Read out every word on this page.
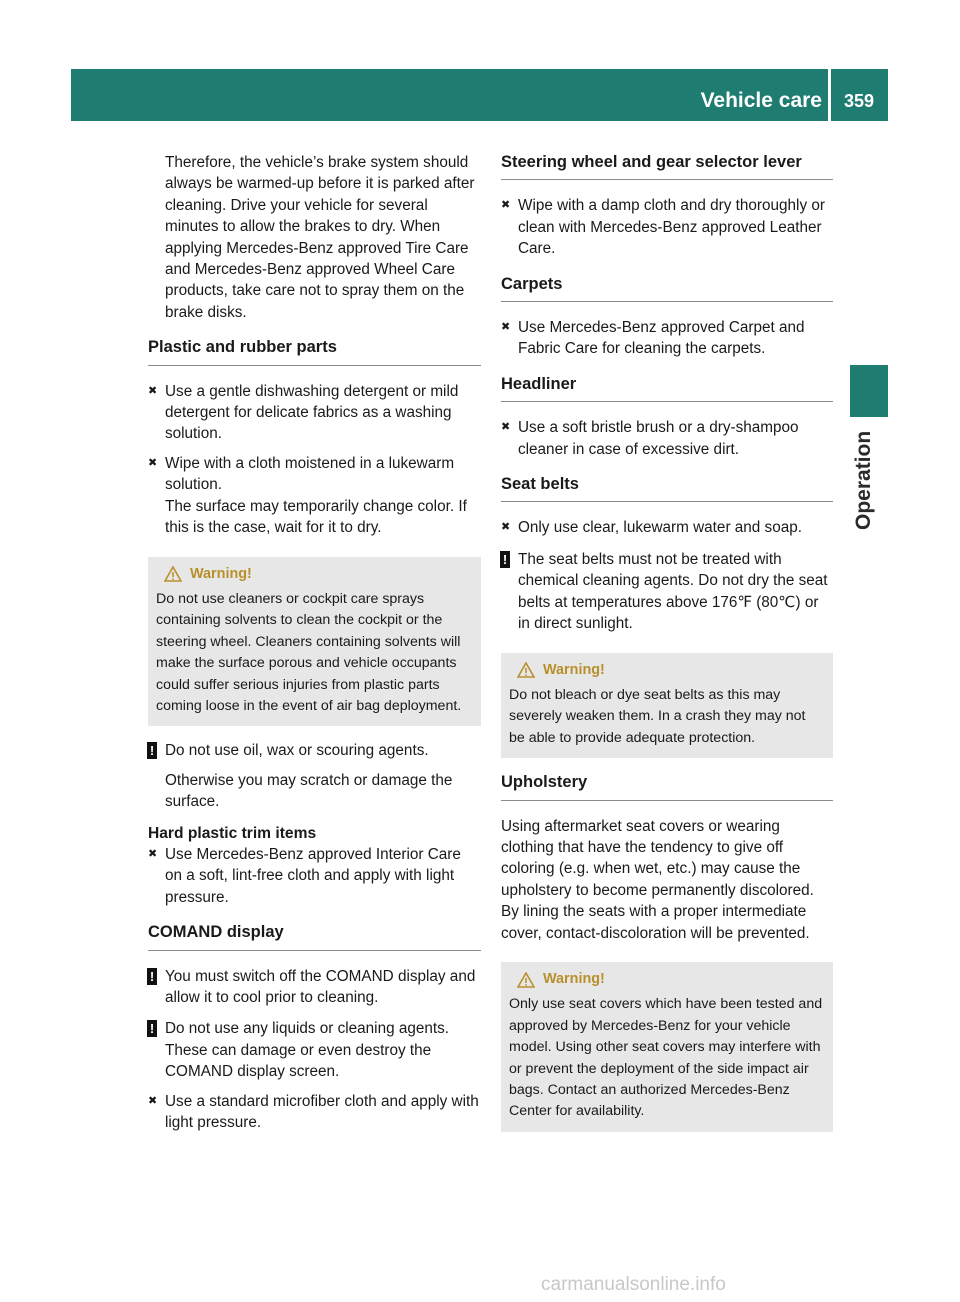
Vehicle care	359
Operation
Therefore, the vehicle’s brake system should always be warmed-up before it is parked after cleaning. Drive your vehicle for several minutes to allow the brakes to dry. When applying Mercedes-Benz approved Tire Care and Mercedes-Benz approved Wheel Care products, take care not to spray them on the brake disks.
Plastic and rubber parts
✖ Use a gentle dishwashing detergent or mild detergent for delicate fabrics as a washing solution.
✖ Wipe with a cloth moistened in a lukewarm solution.
The surface may temporarily change color. If this is the case, wait for it to dry.
Warning!
Do not use cleaners or cockpit care sprays containing solvents to clean the cockpit or the steering wheel. Cleaners containing solvents will make the surface porous and vehicle occupants could suffer serious injuries from plastic parts coming loose in the event of air bag deployment.
! Do not use oil, wax or scouring agents.
Otherwise you may scratch or damage the surface.
Hard plastic trim items
✖ Use Mercedes-Benz approved Interior Care on a soft, lint-free cloth and apply with light pressure.
COMAND display
! You must switch off the COMAND display and allow it to cool prior to cleaning.
! Do not use any liquids or cleaning agents. These can damage or even destroy the COMAND display screen.
✖ Use a standard microfiber cloth and apply with light pressure.
Steering wheel and gear selector lever
✖ Wipe with a damp cloth and dry thoroughly or clean with Mercedes-Benz approved Leather Care.
Carpets
✖ Use Mercedes-Benz approved Carpet and Fabric Care for cleaning the carpets.
Headliner
✖ Use a soft bristle brush or a dry-shampoo cleaner in case of excessive dirt.
Seat belts
✖ Only use clear, lukewarm water and soap.
! The seat belts must not be treated with chemical cleaning agents. Do not dry the seat belts at temperatures above 176℉ (80℃) or in direct sunlight.
Warning!
Do not bleach or dye seat belts as this may severely weaken them. In a crash they may not be able to provide adequate protection.
Upholstery
Using aftermarket seat covers or wearing clothing that have the tendency to give off coloring (e.g. when wet, etc.) may cause the upholstery to become permanently discolored. By lining the seats with a proper intermediate cover, contact-discoloration will be prevented.
Warning!
Only use seat covers which have been tested and approved by Mercedes-Benz for your vehicle model. Using other seat covers may interfere with or prevent the deployment of the side impact air bags. Contact an authorized Mercedes-Benz Center for availability.
carmanualsonline.info
